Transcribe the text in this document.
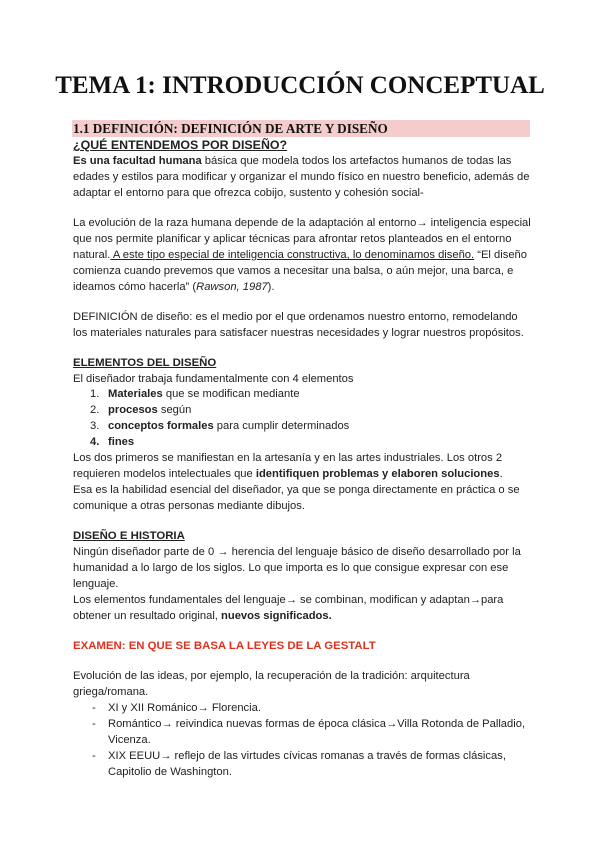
TEMA 1: INTRODUCCIÓN CONCEPTUAL
1.1 DEFINICIÓN: DEFINICIÓN DE ARTE Y DISEÑO
¿QUÉ ENTENDEMOS POR DISEÑO?
Es una facultad humana básica que modela todos los artefactos humanos de todas las
edades y estilos para modificar y organizar el mundo físico en nuestro beneficio, además de
adaptar el entorno para que ofrezca cobijo, sustento y cohesión social-
La evolución de la raza humana depende de la adaptación al entorno→ inteligencia especial
que nos permite planificar y aplicar técnicas para afrontar retos planteados en el entorno
natural. A este tipo especial de inteligencia constructiva, lo denominamos diseño. “El diseño
comienza cuando prevemos que vamos a necesitar una balsa, o aún mejor, una barca, e
ideamos cómo hacerla” (Rawson, 1987).
DEFINICIÓN de diseño: es el medio por el que ordenamos nuestro entorno, remodelando
los materiales naturales para satisfacer nuestras necesidades y lograr nuestros propósitos.
ELEMENTOS DEL DISEÑO
El diseñador trabaja fundamentalmente con 4 elementos
1. Materiales que se modifican mediante
2. procesos según
3. conceptos formales para cumplir determinados
4. fines
Los dos primeros se manifiestan en la artesanía y en las artes industriales. Los otros 2
requieren modelos intelectuales que identifiquen problemas y elaboren soluciones.
Esa es la habilidad esencial del diseñador, ya que se ponga directamente en práctica o se
comunique a otras personas mediante dibujos.
DISEÑO E HISTORIA
Ningún diseñador parte de 0 → herencia del lenguaje básico de diseño desarrollado por la
humanidad a lo largo de los siglos. Lo que importa es lo que consigue expresar con ese
lenguaje.
Los elementos fundamentales del lenguaje→ se combinan, modifican y adaptan→para
obtener un resultado original, nuevos significados.
EXAMEN: EN QUE SE BASA LA LEYES DE LA GESTALT
Evolución de las ideas, por ejemplo, la recuperación de la tradición: arquitectura
griega/romana.
- XI y XII Románico→ Florencia.
- Romántico→ reivindica nuevas formas de época clásica→Villa Rotonda de Palladio,
Vicenza.
- XIX EEUU→ reflejo de las virtudes cívicas romanas a través de formas clásicas,
Capitolio de Washington.
